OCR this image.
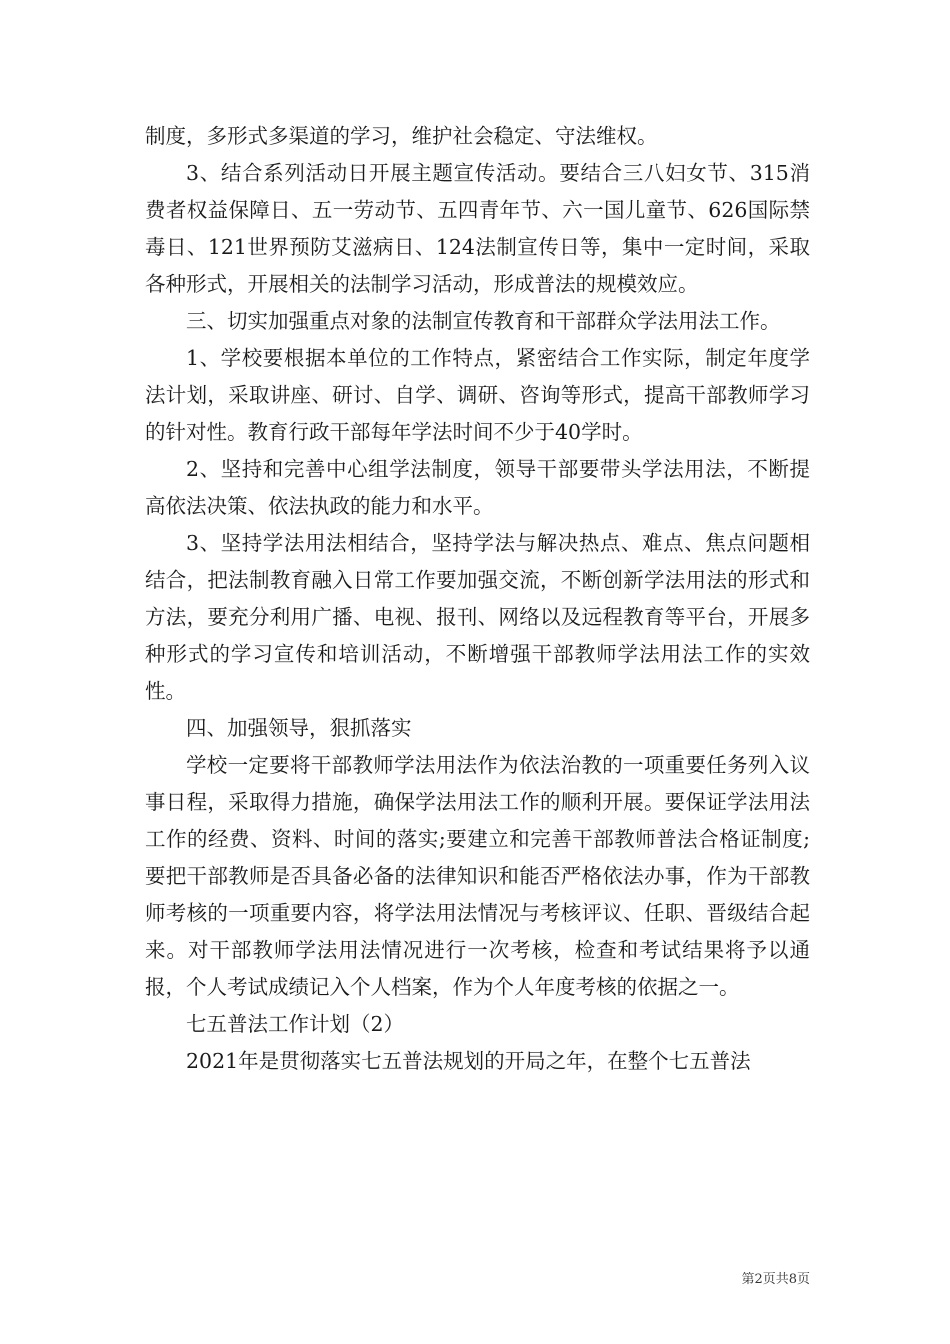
制度，多形式多渠道的学习，维护社会稳定、守法维权。

3、结合系列活动日开展主题宣传活动。要结合三八妇女节、315消费者权益保障日、五一劳动节、五四青年节、六一国儿童节、626国际禁毒日、121世界预防艾滋病日、124法制宣传日等，集中一定时间，采取各种形式，开展相关的法制学习活动，形成普法的规模效应。

三、切实加强重点对象的法制宣传教育和干部群众学法用法工作。

1、学校要根据本单位的工作特点，紧密结合工作实际，制定年度学法计划，采取讲座、研讨、自学、调研、咨询等形式，提高干部教师学习的针对性。教育行政干部每年学法时间不少于40学时。

2、坚持和完善中心组学法制度，领导干部要带头学法用法，不断提高依法决策、依法执政的能力和水平。

3、坚持学法用法相结合，坚持学法与解决热点、难点、焦点问题相结合，把法制教育融入日常工作要加强交流，不断创新学法用法的形式和方法，要充分利用广播、电视、报刊、网络以及远程教育等平台，开展多种形式的学习宣传和培训活动，不断增强干部教师学法用法工作的实效性。

四、加强领导，狠抓落实

学校一定要将干部教师学法用法作为依法治教的一项重要任务列入议事日程，采取得力措施，确保学法用法工作的顺利开展。要保证学法用法工作的经费、资料、时间的落实;要建立和完善干部教师普法合格证制度;要把干部教师是否具备必备的法律知识和能否严格依法办事，作为干部教师考核的一项重要内容，将学法用法情况与考核评议、任职、晋级结合起来。对干部教师学法用法情况进行一次考核，检查和考试结果将予以通报，个人考试成绩记入个人档案，作为个人年度考核的依据之一。

七五普法工作计划（2）

2021年是贯彻落实七五普法规划的开局之年，在整个七五普法

第2页共8页
